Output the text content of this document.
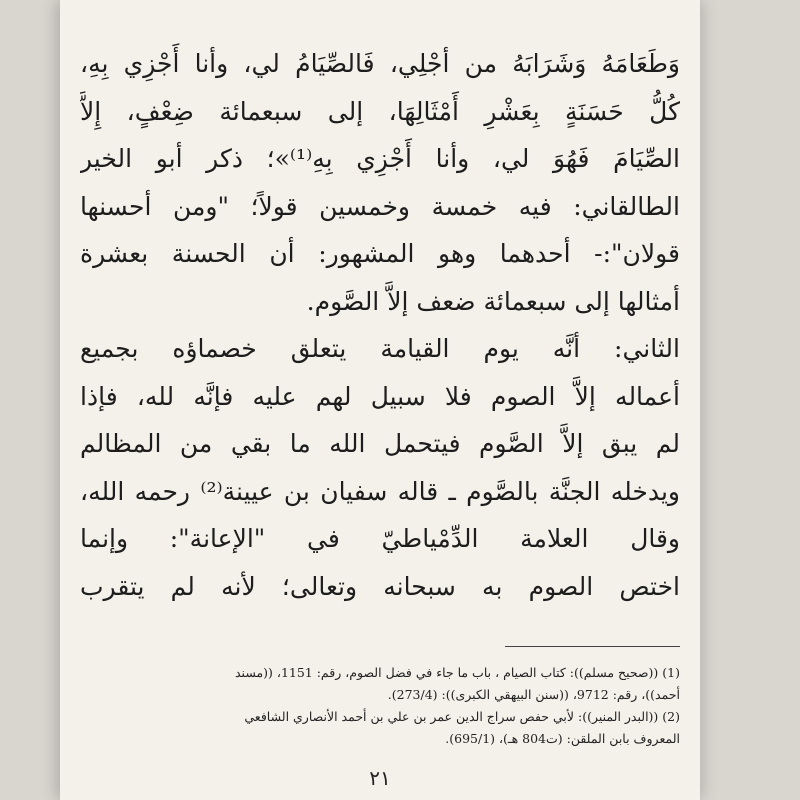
وَطَعَامَهُ وَشَرَابَهُ من أجْلِي، فَالصِّيَامُ لي، وأنا أَجْزِي بِهِ،
كُلُّ حَسَنَةٍ بِعَشْرِ أَمْثَالِهَا، إلى سبعمائة ضِعْفٍ، إِلاَّ
الصِّيَامَ فَهُوَ لي، وأنا أَجْزِي بِهِ⁽¹⁾»؛ ذكر أبو الخير
الطالقاني: فيه خمسة وخمسين قولاً؛ "ومن أحسنها
قولان":- أحدهما وهو المشهور: أن الحسنة بعشرة
أمثالها إلى سبعمائة ضعف إلاَّ الصَّوم.
الثاني: أنَّه يوم القيامة يتعلق خصماؤه بجميع
أعماله إلاَّ الصوم فلا سبيل لهم عليه فإنَّه لله، فإذا
لم يبق إلاَّ الصَّوم فيتحمل الله ما بقي من المظالم
ويدخله الجنَّة بالصَّوم ـ قاله سفيان بن عيينة⁽²⁾ رحمه الله،
وقال العلامة الدِّمْياطيّ في "الإعانة": وإنما
اختص الصوم به سبحانه وتعالى؛ لأنه لم يتقرب
(1) ((صحيح مسلم)): كتاب الصيام ، باب ما جاء في فضل الصوم، رقم: 1151، ((مسند
أحمد))، رقم: 9712، ((سنن البيهقي الكبرى)): (273/4).
(2) ((البدر المنير)): لأبي حفص سراج الدين عمر بن علي بن أحمد الأنصاري الشافعي
المعروف بابن الملقن: (ت804 هـ)، (695/1).
٢١
